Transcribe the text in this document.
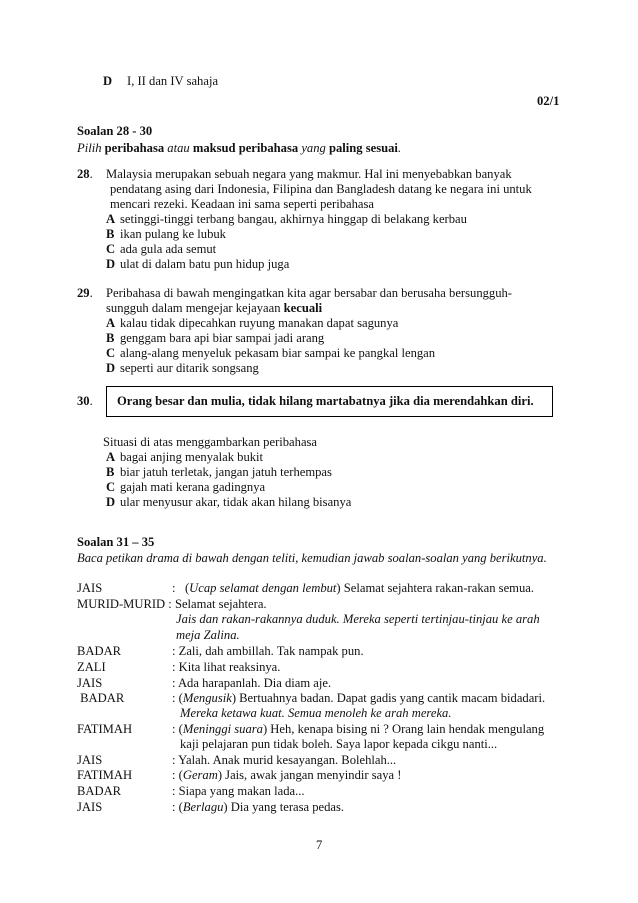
D I, II dan IV sahaja
02/1
Soalan 28 - 30
Pilih peribahasa atau maksud peribahasa yang paling sesuai.
28. Malaysia merupakan sebuah negara yang makmur. Hal ini menyebabkan banyak
pendatang asing dari Indonesia, Filipina dan Bangladesh datang ke negara ini untuk
mencari rezeki. Keadaan ini sama seperti peribahasa
A setinggi-tinggi terbang bangau, akhirnya hinggap di belakang kerbau
B ikan pulang ke lubuk
C ada gula ada semut
D ulat di dalam batu pun hidup juga
29. Peribahasa di bawah mengingatkan kita agar bersabar dan berusaha bersungguh-
sungguh dalam mengejar kejayaan kecuali
A kalau tidak dipecahkan ruyung manakan dapat sagunya
B genggam bara api biar sampai jadi arang
C alang-alang menyeluk pekasam biar sampai ke pangkal lengan
D seperti aur ditarik songsang
30. Orang besar dan mulia, tidak hilang martabatnya jika dia merendahkan diri.
Situasi di atas menggambarkan peribahasa
A bagai anjing menyalak bukit
B biar jatuh terletak, jangan jatuh terhempas
C gajah mati kerana gadingnya
D ular menyusur akar, tidak akan hilang bisanya
Soalan 31 – 35
Baca petikan drama di bawah dengan teliti, kemudian jawab soalan-soalan yang berikutnya.
JAIS	: (Ucap selamat dengan lembut) Selamat sejahtera rakan-rakan semua.
MURID-MURID : Selamat sejahtera.
Jais dan rakan-rakannya duduk. Mereka seperti tertinjau-tinjau ke arah
meja Zalina.
BADAR	: Zali, dah ambillah. Tak nampak pun.
ZALI	: Kita lihat reaksinya.
JAIS	: Ada harapanlah. Dia diam aje.
BADAR	: (Mengusik) Bertuahnya badan. Dapat gadis yang cantik macam bidadari.
Mereka ketawa kuat. Semua menoleh ke arah mereka.
FATIMAH	: (Meninggi suara) Heh, kenapa bising ni ? Orang lain hendak mengulang
kaji pelajaran pun tidak boleh. Saya lapor kepada cikgu nanti...
JAIS	: Yalah. Anak murid kesayangan. Bolehlah...
FATIMAH	: (Geram) Jais, awak jangan menyindir saya !
BADAR	: Siapa yang makan lada...
JAIS	: (Berlagu) Dia yang terasa pedas.
7
